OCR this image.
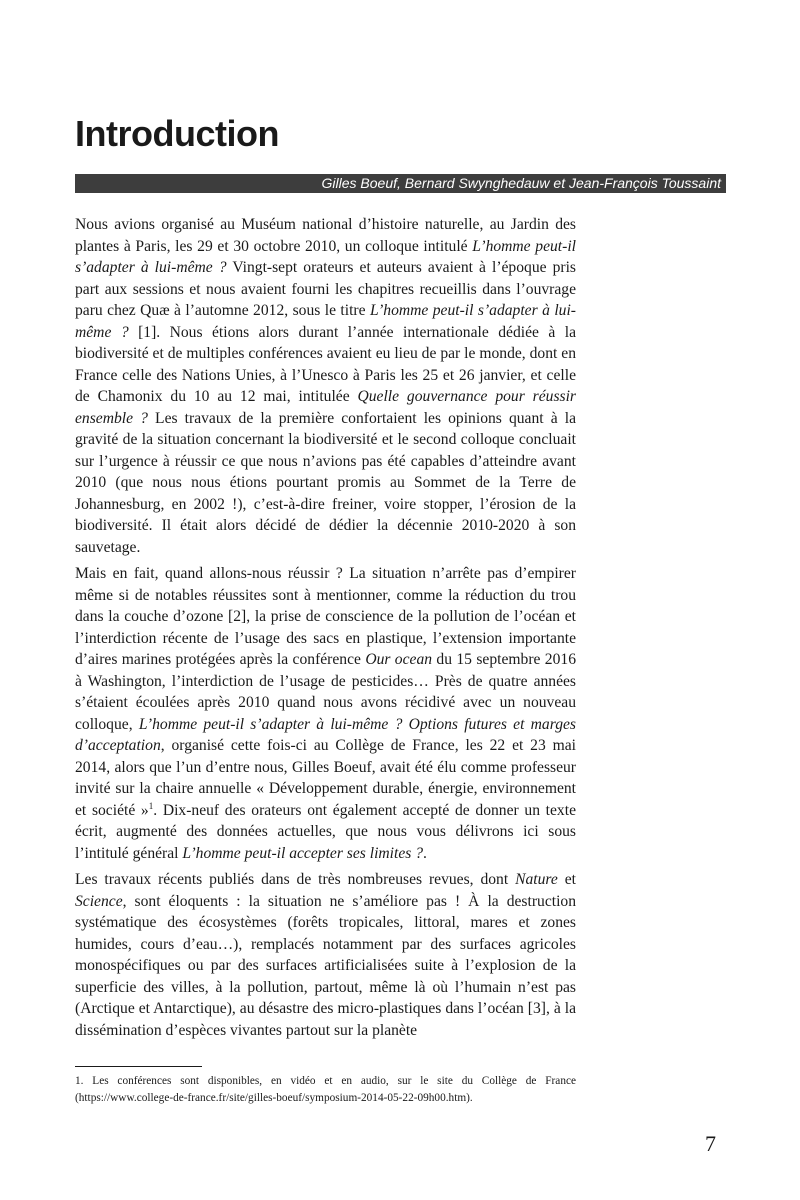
Introduction
Gilles Boeuf, Bernard Swynghedauw et Jean-François Toussaint

Nous avions organisé au Muséum national d’histoire naturelle, au Jardin des plantes à Paris, les 29 et 30 octobre 2010, un colloque intitulé L’homme peut-il s’adapter à lui-même ? Vingt-sept orateurs et auteurs avaient à l’époque pris part aux sessions et nous avaient fourni les chapitres recueillis dans l’ouvrage paru chez Quæ à l’automne 2012, sous le titre L’homme peut-il s’adapter à lui-même ? [1]. Nous étions alors durant l’année internationale dédiée à la biodiversité et de multiples conférences avaient eu lieu de par le monde, dont en France celle des Nations Unies, à l’Unesco à Paris les 25 et 26 janvier, et celle de Chamonix du 10 au 12 mai, intitulée Quelle gouvernance pour réussir ensemble ? Les travaux de la première confortaient les opinions quant à la gravité de la situation concernant la biodiversité et le second colloque concluait sur l’urgence à réussir ce que nous n’avions pas été capables d’atteindre avant 2010 (que nous nous étions pourtant promis au Sommet de la Terre de Johannesburg, en 2002 !), c’est-à-dire freiner, voire stopper, l’érosion de la biodiversité. Il était alors décidé de dédier la décennie 2010-2020 à son sauvetage.

Mais en fait, quand allons-nous réussir ? La situation n’arrête pas d’empirer même si de notables réussites sont à mentionner, comme la réduction du trou dans la couche d’ozone [2], la prise de conscience de la pollution de l’océan et l’interdiction récente de l’usage des sacs en plastique, l’extension importante d’aires marines protégées après la conférence Our ocean du 15 septembre 2016 à Washington, l’interdiction de l’usage de pesticides… Près de quatre années s’étaient écoulées après 2010 quand nous avons récidivé avec un nouveau colloque, L’homme peut-il s’adapter à lui-même ? Options futures et marges d’acceptation, organisé cette fois-ci au Collège de France, les 22 et 23 mai 2014, alors que l’un d’entre nous, Gilles Boeuf, avait été élu comme professeur invité sur la chaire annuelle « Développement durable, énergie, environnement et société »$^1$. Dix-neuf des orateurs ont également accepté de donner un texte écrit, augmenté des données actuelles, que nous vous délivrons ici sous l’intitulé général L’homme peut-il accepter ses limites ?.

Les travaux récents publiés dans de très nombreuses revues, dont Nature et Science, sont éloquents : la situation ne s’améliore pas ! À la destruction systématique des écosystèmes (forêts tropicales, littoral, mares et zones humides, cours d’eau…), remplacés notamment par des surfaces agricoles monospécifiques ou par des surfaces artificialisées suite à l’explosion de la superficie des villes, à la pollution, partout, même là où l’humain n’est pas (Arctique et Antarctique), au désastre des micro-plastiques dans l’océan [3], à la dissémination d’espèces vivantes partout sur la planète

1. Les conférences sont disponibles, en vidéo et en audio, sur le site du Collège de France (https://www.college-de-france.fr/site/gilles-boeuf/symposium-2014-05-22-09h00.htm).

7
